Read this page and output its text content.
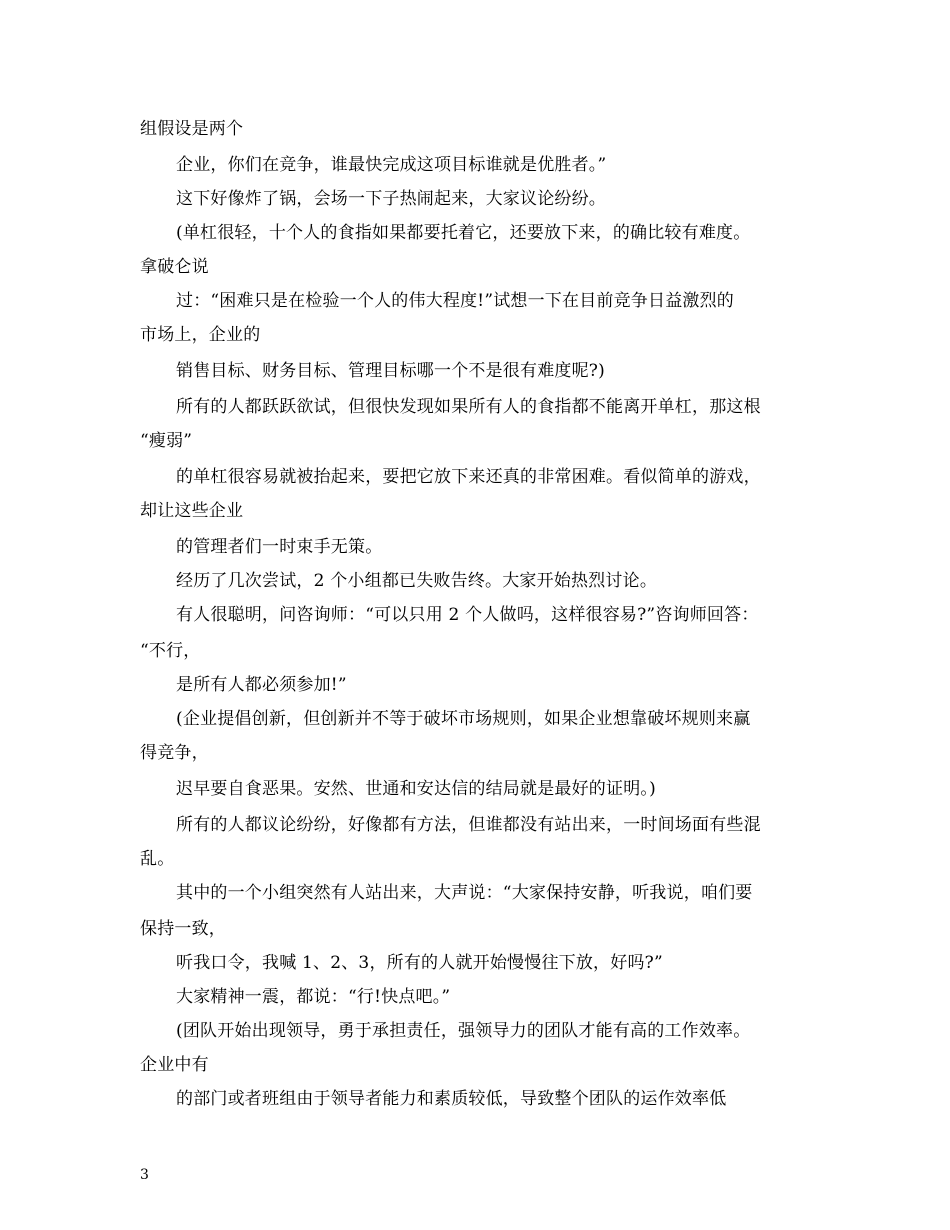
组假设是两个
企业，你们在竞争，谁最快完成这项目标谁就是优胜者。”
这下好像炸了锅，会场一下子热闹起来，大家议论纷纷。
(单杠很轻，十个人的食指如果都要托着它，还要放下来，的确比较有难度。
拿破仑说
过：“困难只是在检验一个人的伟大程度!”试想一下在目前竞争日益激烈的
市场上，企业的
销售目标、财务目标、管理目标哪一个不是很有难度呢?)
所有的人都跃跃欲试，但很快发现如果所有人的食指都不能离开单杠，那这根
“瘦弱”
的单杠很容易就被抬起来，要把它放下来还真的非常困难。看似简单的游戏，
却让这些企业
的管理者们一时束手无策。
经历了几次尝试，2 个小组都已失败告终。大家开始热烈讨论。
有人很聪明，问咨询师：“可以只用 2 个人做吗，这样很容易?”咨询师回答：
“不行，
是所有人都必须参加!”
(企业提倡创新，但创新并不等于破坏市场规则，如果企业想靠破坏规则来赢
得竞争，
迟早要自食恶果。安然、世通和安达信的结局就是最好的证明。)
所有的人都议论纷纷，好像都有方法，但谁都没有站出来，一时间场面有些混
乱。
其中的一个小组突然有人站出来，大声说：“大家保持安静，听我说，咱们要
保持一致，
听我口令，我喊 1、2、3，所有的人就开始慢慢往下放，好吗?”
大家精神一震，都说：“行!快点吧。”
(团队开始出现领导，勇于承担责任，强领导力的团队才能有高的工作效率。
企业中有
的部门或者班组由于领导者能力和素质较低，导致整个团队的运作效率低
3
